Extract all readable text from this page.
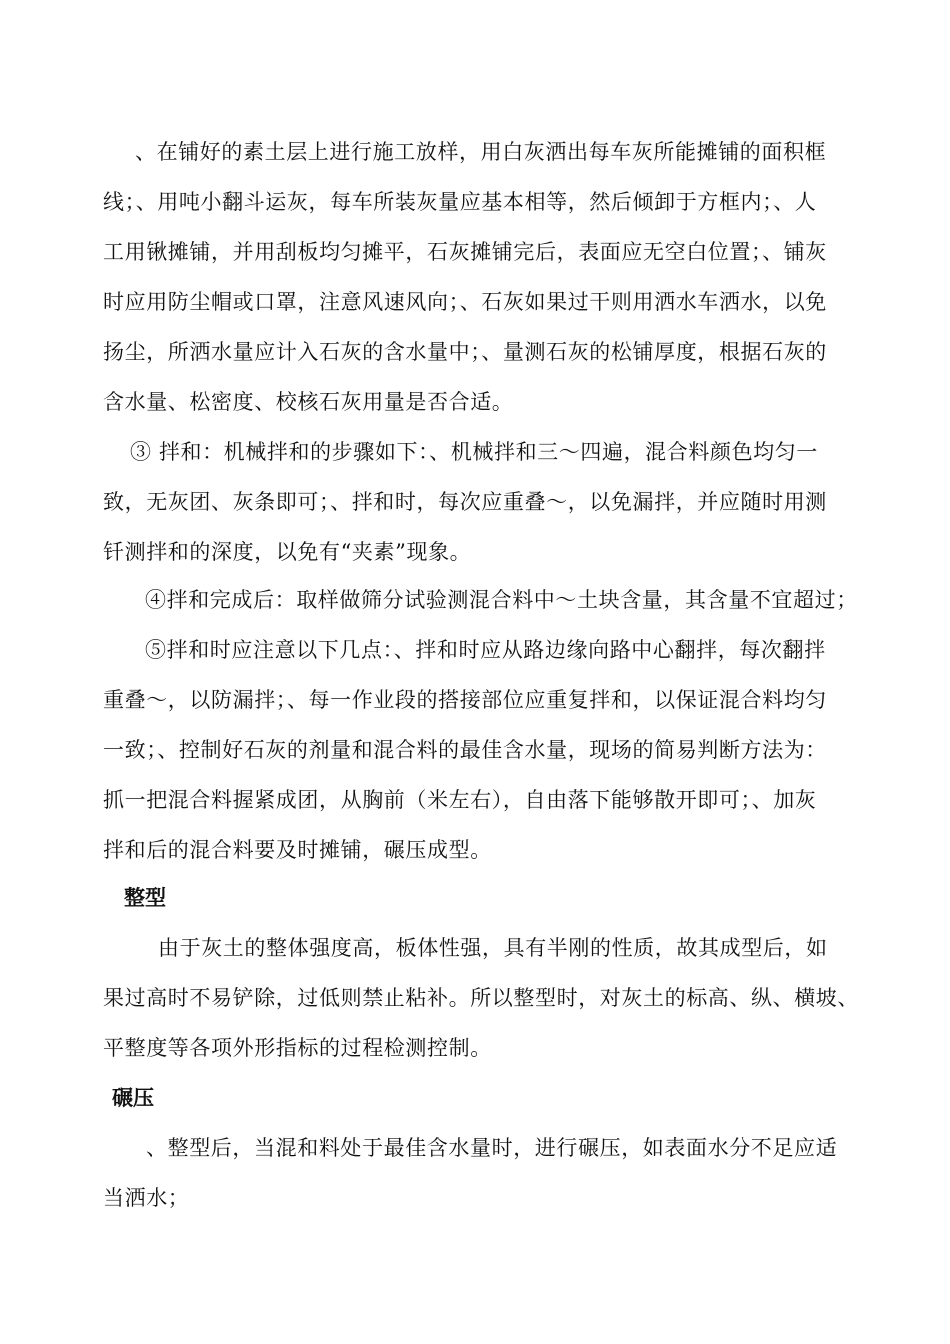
、在铺好的素土层上进行施工放样，用白灰洒出每车灰所能摊铺的面积框
线；、用吨小翻斗运灰，每车所装灰量应基本相等，然后倾卸于方框内；、人
工用锹摊铺，并用刮板均匀摊平，石灰摊铺完后，表面应无空白位置；、铺灰
时应用防尘帽或口罩，注意风速风向；、石灰如果过干则用洒水车洒水，以免
扬尘，所洒水量应计入石灰的含水量中；、量测石灰的松铺厚度，根据石灰的
含水量、松密度、校核石灰用量是否合适。
③ 拌和：机械拌和的步骤如下：、机械拌和三～四遍，混合料颜色均匀一
致，无灰团、灰条即可；、拌和时，每次应重叠～，以免漏拌，并应随时用测
钎测拌和的深度，以免有“夹素”现象。
④拌和完成后：取样做筛分试验测混合料中～土块含量，其含量不宜超过；
⑤拌和时应注意以下几点：、拌和时应从路边缘向路中心翻拌，每次翻拌
重叠～，以防漏拌；、每一作业段的搭接部位应重复拌和，以保证混合料均匀
一致；、控制好石灰的剂量和混合料的最佳含水量，现场的简易判断方法为：
抓一把混合料握紧成团，从胸前（米左右），自由落下能够散开即可；、加灰
拌和后的混合料要及时摊铺，碾压成型。
整型
由于灰土的整体强度高，板体性强，具有半刚的性质，故其成型后，如
果过高时不易铲除，过低则禁止粘补。所以整型时，对灰土的标高、纵、横坡、
平整度等各项外形指标的过程检测控制。
碾压
、整型后，当混和料处于最佳含水量时，进行碾压，如表面水分不足应适
当洒水；
